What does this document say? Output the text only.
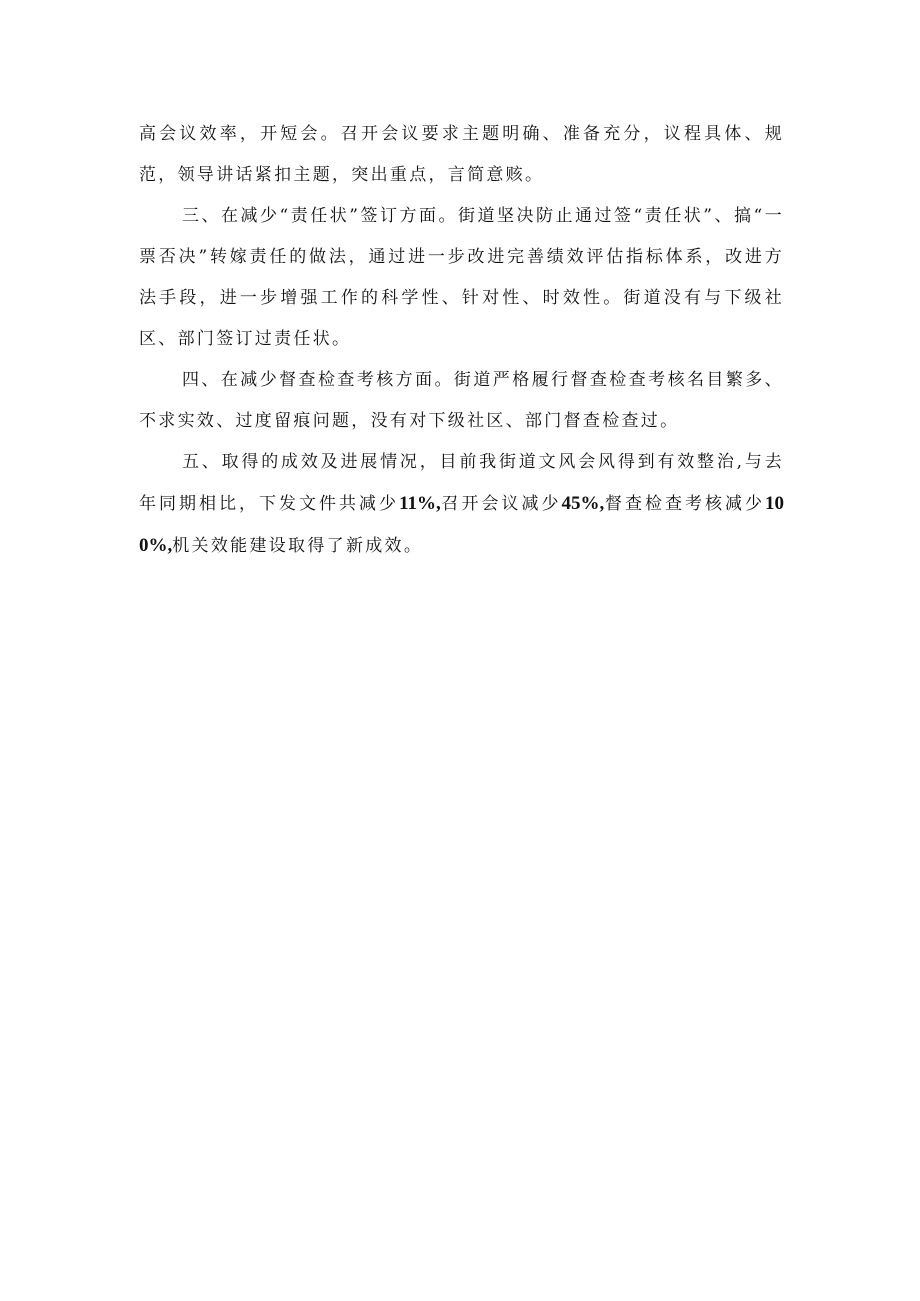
高会议效率，开短会。召开会议要求主题明确、准备充分，议程具体、规范，领导讲话紧扣主题，突出重点，言简意赅。

三、在减少“责任状”签订方面。街道坚决防止通过签“责任状”、搞“一票否决”转嫁责任的做法，通过进一步改进完善绩效评估指标体系，改进方法手段，进一步增强工作的科学性、针对性、时效性。街道没有与下级社区、部门签订过责任状。

四、在减少督查检查考核方面。街道严格履行督查检查考核名目繁多、不求实效、过度留痕问题，没有对下级社区、部门督查检查过。

五、取得的成效及进展情况，目前我街道文风会风得到有效整治,与去年同期相比，下发文件共减少11%,召开会议减少45%,督查检查考核减少100%,机关效能建设取得了新成效。
